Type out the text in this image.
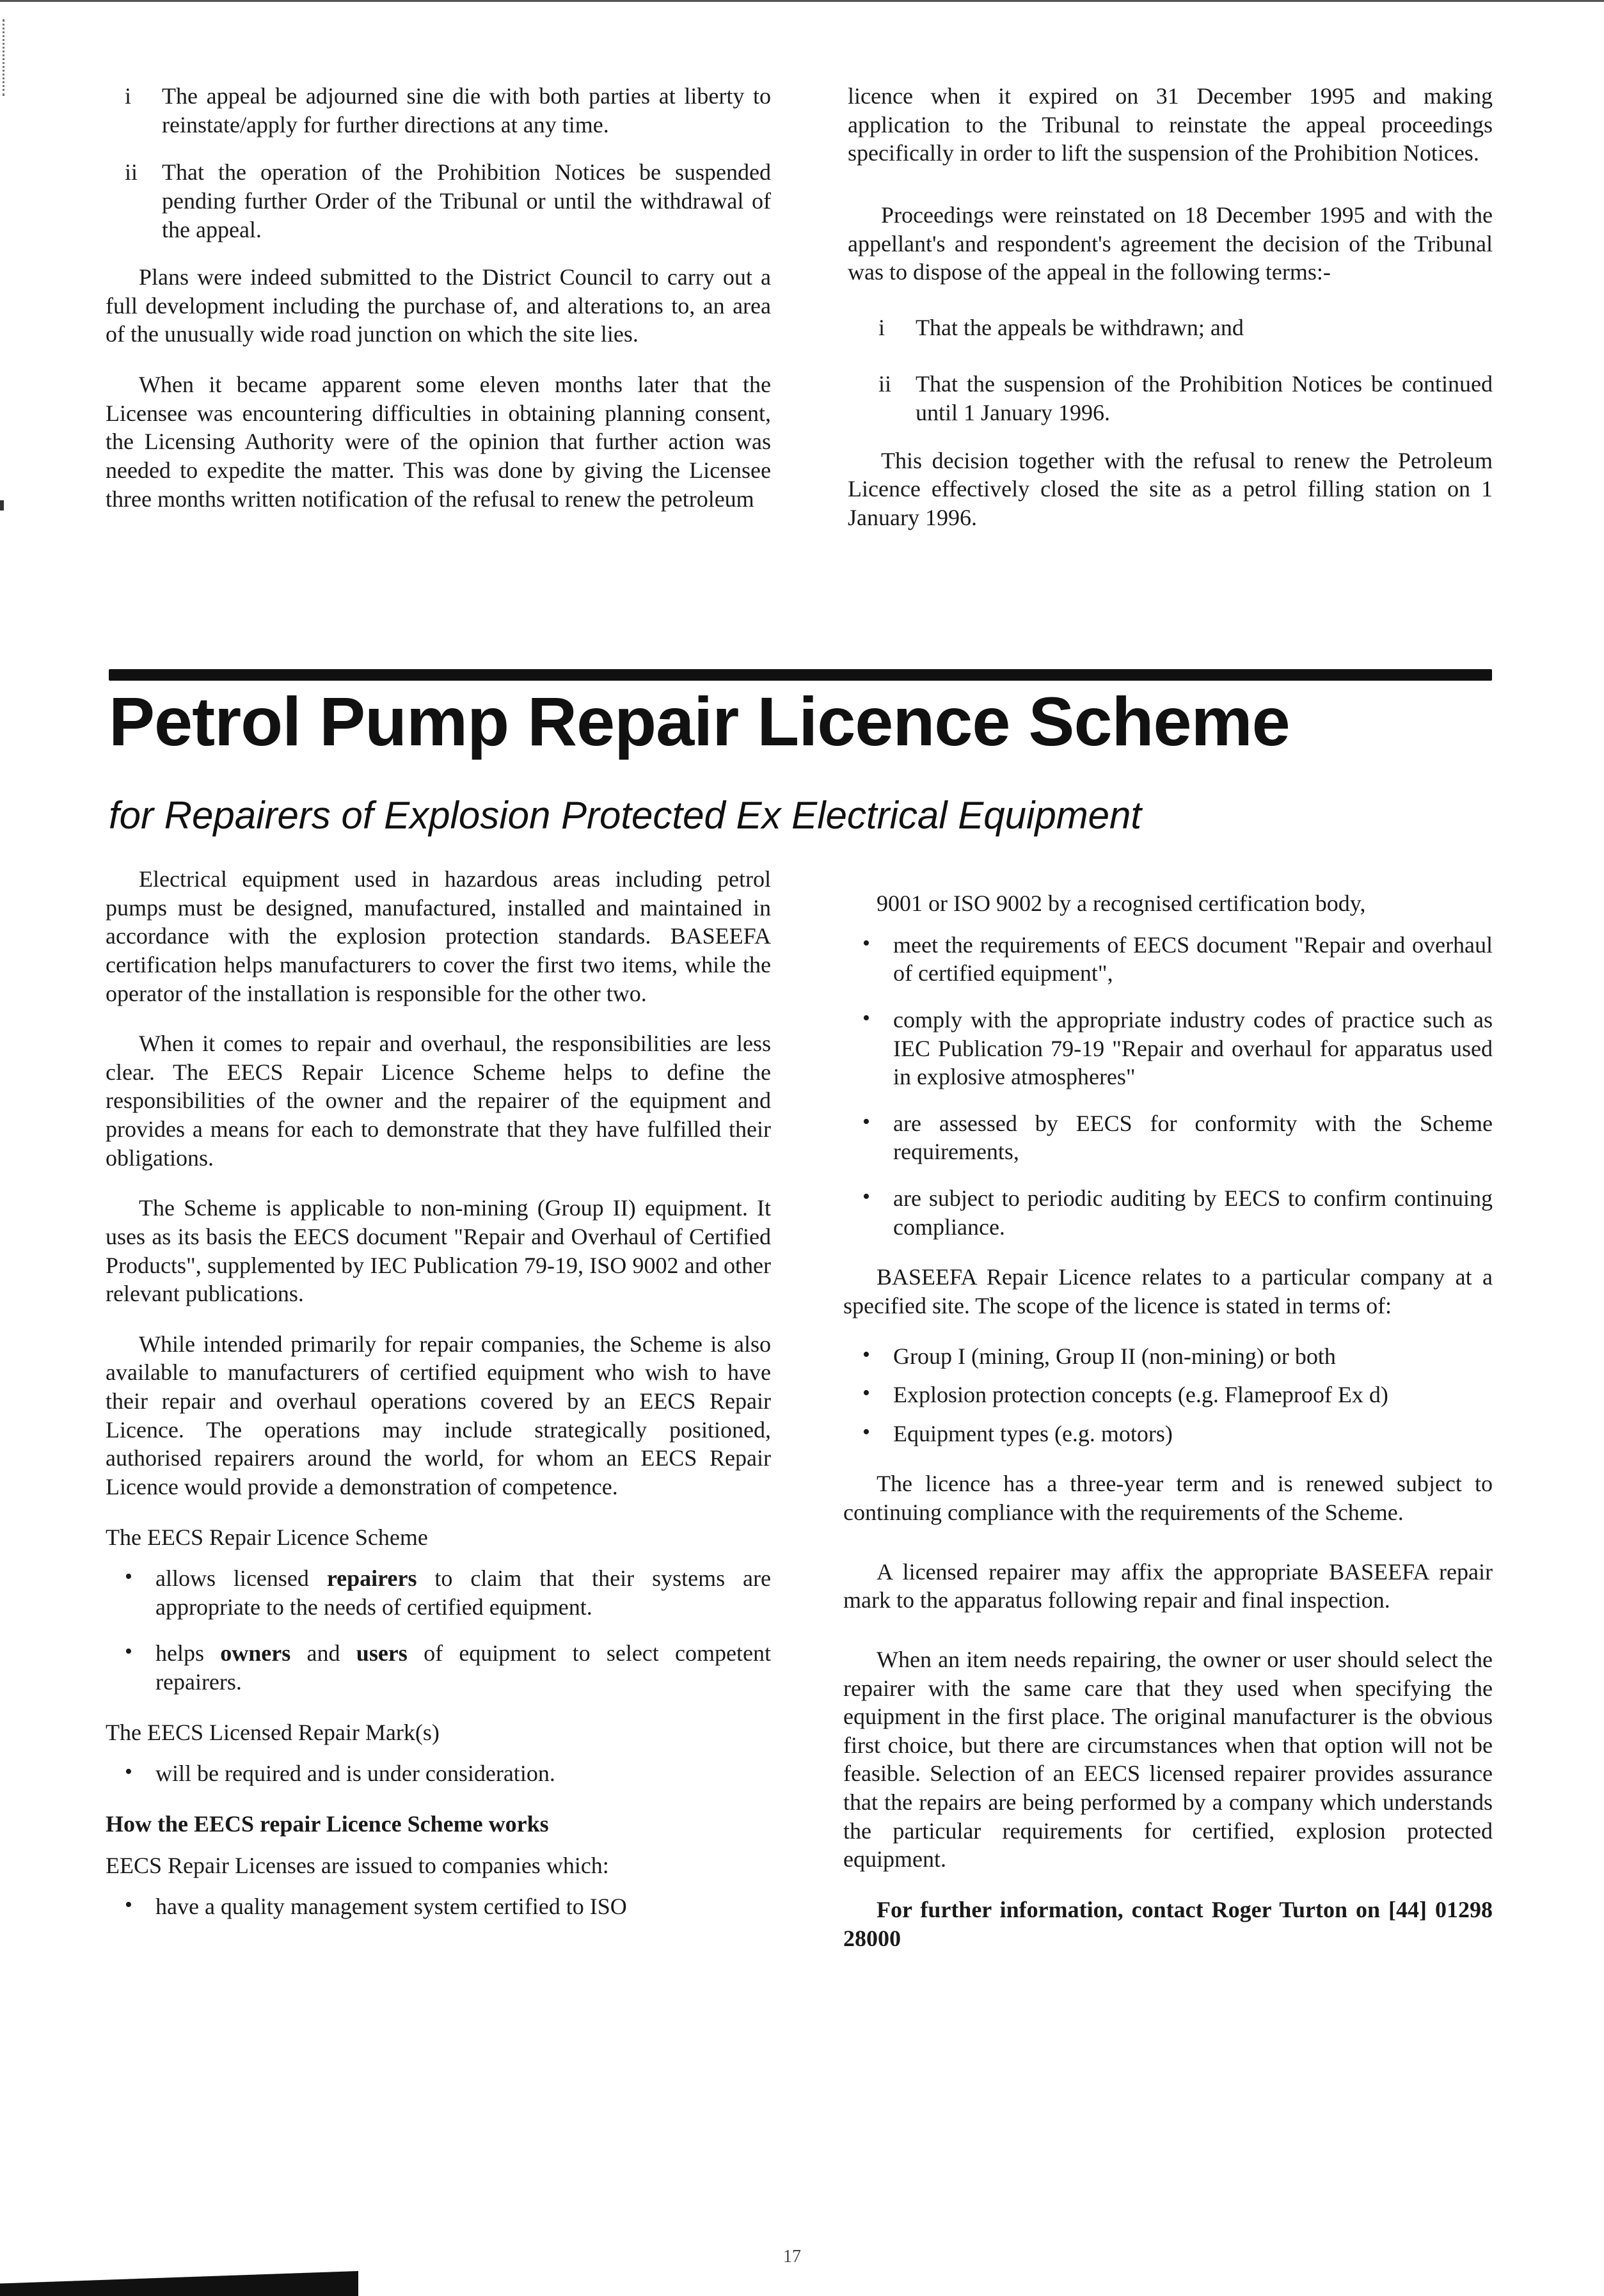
i	The appeal be adjourned sine die with both parties at liberty to reinstate/apply for further directions at any time.
ii	That the operation of the Prohibition Notices be suspended pending further Order of the Tribunal or until the withdrawal of the appeal.

Plans were indeed submitted to the District Council to carry out a full development including the purchase of, and alterations to, an area of the unusually wide road junction on which the site lies.

When it became apparent some eleven months later that the Licensee was encountering difficulties in obtaining planning consent, the Licensing Authority were of the opinion that further action was needed to expedite the matter. This was done by giving the Licensee three months written notification of the refusal to renew the petroleum

licence when it expired on 31 December 1995 and making application to the Tribunal to reinstate the appeal proceedings specifically in order to lift the suspension of the Prohibition Notices.

Proceedings were reinstated on 18 December 1995 and with the appellant's and respondent's agreement the decision of the Tribunal was to dispose of the appeal in the following terms:-

i	That the appeals be withdrawn; and
ii	That the suspension of the Prohibition Notices be continued until 1 January 1996.

This decision together with the refusal to renew the Petroleum Licence effectively closed the site as a petrol filling station on 1 January 1996.

Petrol Pump Repair Licence Scheme
for Repairers of Explosion Protected Ex Electrical Equipment

Electrical equipment used in hazardous areas including petrol pumps must be designed, manufactured, installed and maintained in accordance with the explosion protection standards. BASEEFA certification helps manufacturers to cover the first two items, while the operator of the installation is responsible for the other two.

When it comes to repair and overhaul, the responsibilities are less clear. The EECS Repair Licence Scheme helps to define the responsibilities of the owner and the repairer of the equipment and provides a means for each to demonstrate that they have fulfilled their obligations.

The Scheme is applicable to non-mining (Group II) equipment. It uses as its basis the EECS document "Repair and Overhaul of Certified Products", supplemented by IEC Publication 79-19, ISO 9002 and other relevant publications.

While intended primarily for repair companies, the Scheme is also available to manufacturers of certified equipment who wish to have their repair and overhaul operations covered by an EECS Repair Licence. The operations may include strategically positioned, authorised repairers around the world, for whom an EECS Repair Licence would provide a demonstration of competence.

The EECS Repair Licence Scheme
•	allows licensed repairers to claim that their systems are appropriate to the needs of certified equipment.
•	helps owners and users of equipment to select competent repairers.
The EECS Licensed Repair Mark(s)
•	will be required and is under consideration.
How the EECS repair Licence Scheme works
EECS Repair Licenses are issued to companies which:
•	have a quality management system certified to ISO

9001 or ISO 9002 by a recognised certification body,

•	meet the requirements of EECS document "Repair and overhaul of certified equipment",
•	comply with the appropriate industry codes of practice such as IEC Publication 79-19 "Repair and overhaul for apparatus used in explosive atmospheres"
•	are assessed by EECS for conformity with the Scheme requirements,
•	are subject to periodic auditing by EECS to confirm continuing compliance.

BASEEFA Repair Licence relates to a particular company at a specified site. The scope of the licence is stated in terms of:

•	Group I (mining, Group II (non-mining) or both
•	Explosion protection concepts (e.g. Flameproof Ex d)
•	Equipment types (e.g. motors)

The licence has a three-year term and is renewed subject to continuing compliance with the requirements of the Scheme.

A licensed repairer may affix the appropriate BASEEFA repair mark to the apparatus following repair and final inspection.

When an item needs repairing, the owner or user should select the repairer with the same care that they used when specifying the equipment in the first place. The original manufacturer is the obvious first choice, but there are circumstances when that option will not be feasible. Selection of an EECS licensed repairer provides assurance that the repairs are being performed by a company which understands the particular requirements for certified, explosion protected equipment.

For further information, contact Roger Turton on [44] 01298 28000

17
